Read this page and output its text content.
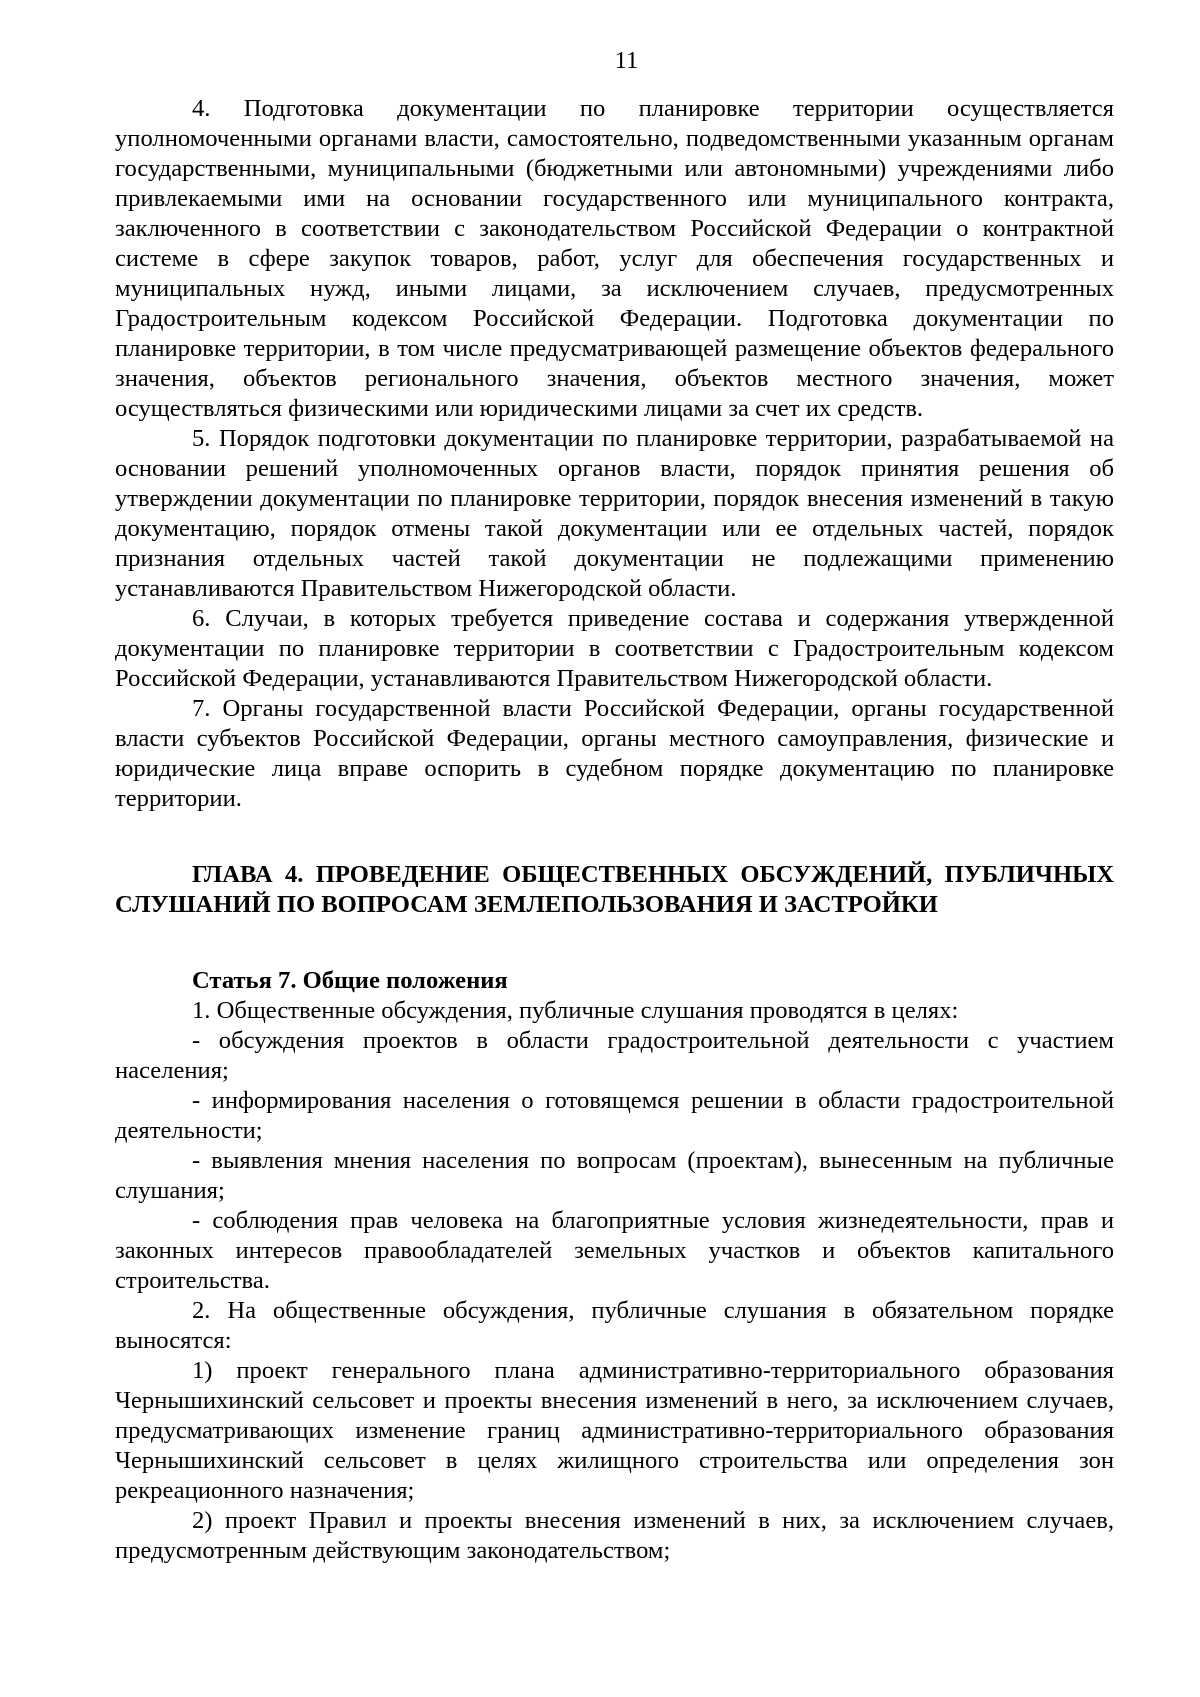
11

4. Подготовка документации по планировке территории осуществляется уполномоченными органами власти, самостоятельно, подведомственными указанным органам государственными, муниципальными (бюджетными или автономными) учреждениями либо привлекаемыми ими на основании государственного или муниципального контракта, заключенного в соответствии с законодательством Российской Федерации о контрактной системе в сфере закупок товаров, работ, услуг для обеспечения государственных и муниципальных нужд, иными лицами, за исключением случаев, предусмотренных Градостроительным кодексом Российской Федерации. Подготовка документации по планировке территории, в том числе предусматривающей размещение объектов федерального значения, объектов регионального значения, объектов местного значения, может осуществляться физическими или юридическими лицами за счет их средств.

5. Порядок подготовки документации по планировке территории, разрабатываемой на основании решений уполномоченных органов власти, порядок принятия решения об утверждении документации по планировке территории, порядок внесения изменений в такую документацию, порядок отмены такой документации или ее отдельных частей, порядок признания отдельных частей такой документации не подлежащими применению устанавливаются Правительством Нижегородской области.

6. Случаи, в которых требуется приведение состава и содержания утвержденной документации по планировке территории в соответствии с Градостроительным кодексом Российской Федерации, устанавливаются Правительством Нижегородской области.

7. Органы государственной власти Российской Федерации, органы государственной власти субъектов Российской Федерации, органы местного самоуправления, физические и юридические лица вправе оспорить в судебном порядке документацию по планировке территории.

ГЛАВА 4. ПРОВЕДЕНИЕ ОБЩЕСТВЕННЫХ ОБСУЖДЕНИЙ, ПУБЛИЧНЫХ СЛУШАНИЙ ПО ВОПРОСАМ ЗЕМЛЕПОЛЬЗОВАНИЯ И ЗАСТРОЙКИ
Статья 7. Общие положения

1. Общественные обсуждения, публичные слушания проводятся в целях:

- обсуждения проектов в области градостроительной деятельности с участием населения;

- информирования населения о готовящемся решении в области градостроительной деятельности;

- выявления мнения населения по вопросам (проектам), вынесенным на публичные слушания;

- соблюдения прав человека на благоприятные условия жизнедеятельности, прав и законных интересов правообладателей земельных участков и объектов капитального строительства.

2. На общественные обсуждения, публичные слушания в обязательном порядке выносятся:

1) проект генерального плана административно-территориального образования Чернышихинский сельсовет и проекты внесения изменений в него, за исключением случаев, предусматривающих изменение границ административно-территориального образования Чернышихинский сельсовет в целях жилищного строительства или определения зон рекреационного назначения;

2) проект Правил и проекты внесения изменений в них, за исключением случаев, предусмотренным действующим законодательством;
